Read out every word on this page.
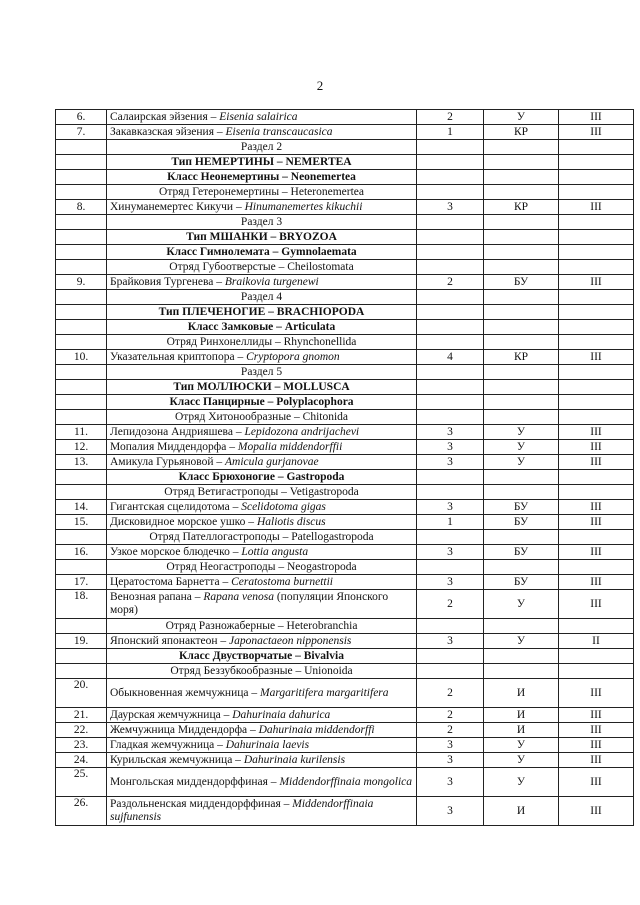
2
6.	Салаирская эйзения – Eisenia salairica	2	У	III
7.	Закавказская эйзения – Eisenia transcaucasica	1	КР	III
	Раздел 2			
	Тип НЕМЕРТИНЫ – NEMERTEA			
	Класс Неонемертины – Neonemertea			
	Отряд Гетеронемертины – Heteronemertea			
8.	Хинуманемертес Кикучи – Hinumanemertes kikuchii	3	КР	III
	Раздел 3			
	Тип МШАНКИ – BRYOZOA			
	Класс Гимнолемата – Gymnolaemata			
	Отряд Губоотверстые – Cheilostomata			
9.	Брайковия Тургенева – Braikovia turgenewi	2	БУ	III
	Раздел 4			
	Тип ПЛЕЧЕНОГИЕ – BRACHIOPODA			
	Класс Замковые – Articulata			
	Отряд Ринхонеллиды – Rhynchonellida			
10.	Указательная криптопора – Cryptopora gnomon	4	КР	III
	Раздел 5			
	Тип МОЛЛЮСКИ – MOLLUSCA			
	Класс Панцирные – Polyplacophora			
	Отряд Хитонообразные – Chitonida			
11.	Лепидозона Андрияшева – Lepidozona andrijachevi	3	У	III
12.	Мопалия Миддендорфа – Mopalia middendorffii	3	У	III
13.	Амикула Гурьяновой – Amicula gurjanovae	3	У	III
	Класс Брюхоногие – Gastropoda			
	Отряд Ветигастроподы – Vetigastropoda			
14.	Гигантская сцелидотома – Scelidotoma gigas	3	БУ	III
15.	Дисковидное морское ушко – Haliotis discus	1	БУ	III
	Отряд Пателлогастроподы – Patellogastropoda			
16.	Узкое морское блюдечко – Lottia angusta	3	БУ	III
	Отряд Неогастроподы – Neogastropoda			
17.	Цератостома Барнетта – Ceratostoma burnettii	3	БУ	III
18.	Венозная рапана – Rapana venosa (популяции Японского моря)	2	У	III
	Отряд Разножаберные – Heterobranchia			
19.	Японский японактеон – Japonactaeon nipponensis	3	У	II
	Класс Двустворчатые – Bivalvia			
	Отряд Беззубкообразные – Unionoida			
20.	Обыкновенная жемчужница – Margaritifera margaritifera	2	И	III
21.	Даурская жемчужница – Dahurinaia dahurica	2	И	III
22.	Жемчужница Миддендорфа – Dahurinaia middendorffi	2	И	III
23.	Гладкая жемчужница – Dahurinaia laevis	3	У	III
24.	Курильская жемчужница – Dahurinaia kurilensis	3	У	III
25.	Монгольская миддендорффиная – Middendorffinaia mongolica	3	У	III
26.	Раздольненская миддендорффиная – Middendorffinaia sujfunensis	3	И	III
